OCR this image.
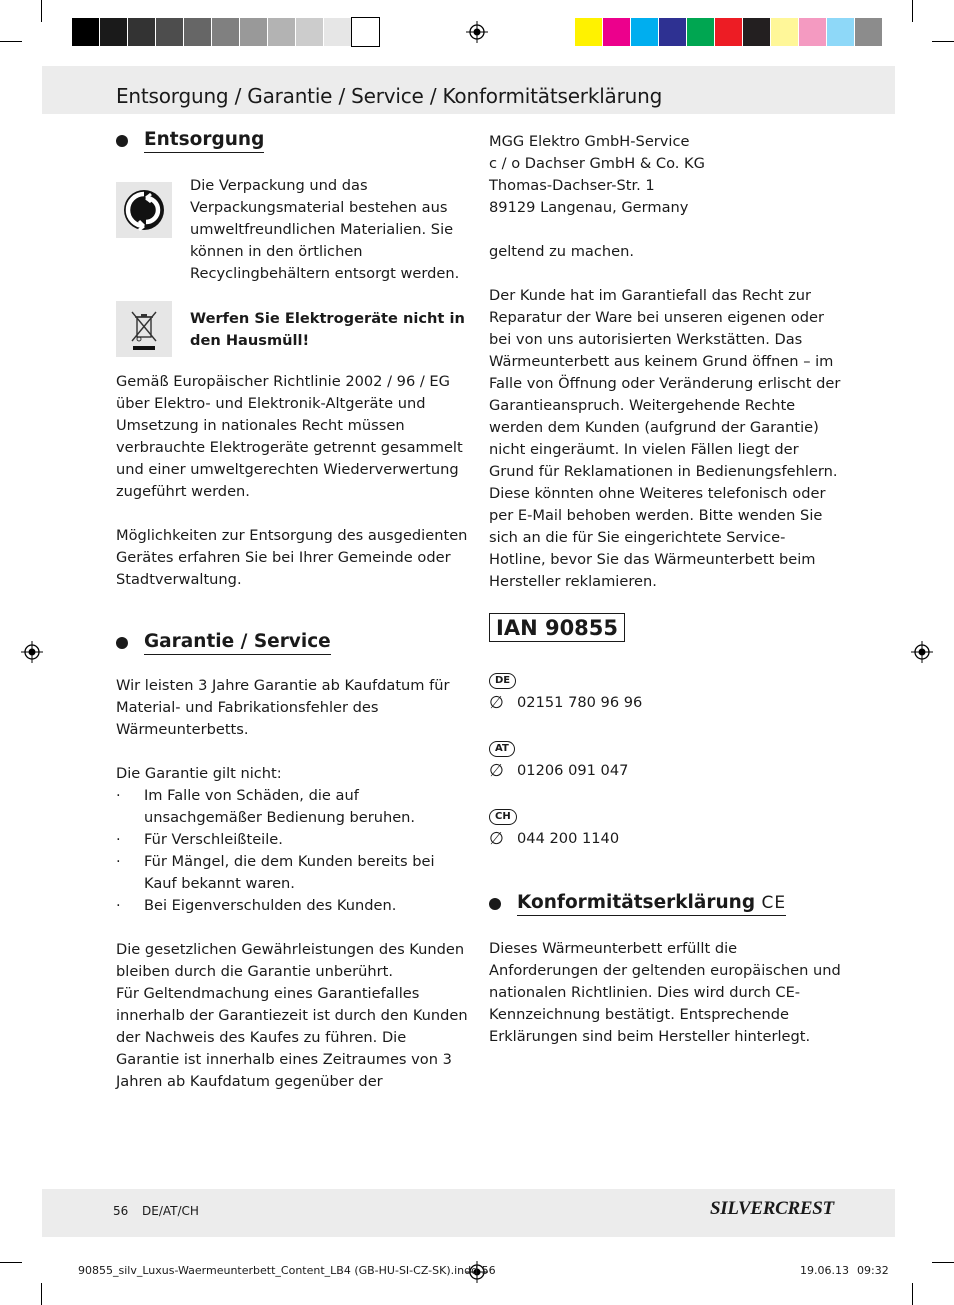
Entsorgung / Garantie / Service / Konformitätserklärung
Entsorgung

Die Verpackung und das Verpackungsmaterial bestehen aus umweltfreundlichen Materialien. Sie können in den örtlichen Recyclingbehältern entsorgt werden.

Werfen Sie Elektrogeräte nicht in den Hausmüll!

Gemäß Europäischer Richtlinie 2002 / 96 / EG über Elektro- und Elektronik-Altgeräte und Umsetzung in nationales Recht müssen verbrauchte Elektrogeräte getrennt gesammelt und einer umweltgerechten Wiederverwertung zugeführt werden.

Möglichkeiten zur Entsorgung des ausgedienten Gerätes erfahren Sie bei Ihrer Gemeinde oder Stadtverwaltung.

Garantie / Service

Wir leisten 3 Jahre Garantie ab Kaufdatum für Material- und Fabrikationsfehler des Wärmeunterbetts.

Die Garantie gilt nicht:

·	Im Falle von Schäden, die auf unsachgemäßer Bedienung beruhen.
·	Für Verschleißteile.
·	Für Mängel, die dem Kunden bereits bei Kauf bekannt waren.
·	Bei Eigenverschulden des Kunden.

Die gesetzlichen Gewährleistungen des Kunden bleiben durch die Garantie unberührt.

Für Geltendmachung eines Garantiefalles innerhalb der Garantiezeit ist durch den Kunden der Nachweis des Kaufes zu führen. Die Garantie ist innerhalb eines Zeitraumes von 3 Jahren ab Kaufdatum gegenüber der

MGG Elektro GmbH-Service

c / o Dachser GmbH & Co. KG

Thomas-Dachser-Str. 1

89129 Langenau, Germany

geltend zu machen.

Der Kunde hat im Garantiefall das Recht zur Reparatur der Ware bei unseren eigenen oder bei von uns autorisierten Werkstätten. Das Wärmeunterbett aus keinem Grund öffnen – im Falle von Öffnung oder Veränderung erlischt der Garantieanspruch. Weitergehende Rechte werden dem Kunden (aufgrund der Garantie) nicht eingeräumt. In vielen Fällen liegt der Grund für Reklamationen in Bedienungsfehlern. Diese könnten ohne Weiteres telefonisch oder per E-Mail behoben werden. Bitte wenden Sie sich an die für Sie eingerichtete Service-Hotline, bevor Sie das Wärmeunterbett beim Hersteller reklamieren.

IAN 90855
DE
∅ 02151 780 96 96
AT
∅ 01206 091 047
CH
∅ 044 200 1140
Konformitätserklärung CE

Dieses Wärmeunterbett erfüllt die Anforderungen der geltenden europäischen und nationalen Richtlinien. Dies wird durch CE-Kennzeichnung bestätigt. Entsprechende Erklärungen sind beim Hersteller hinterlegt.

56 DE/AT/CH	SILVERCREST
90855_silv_Luxus-Waermeunterbett_Content_LB4 (GB-HU-SI-CZ-SK).indd 56	19.06.13 09:32
